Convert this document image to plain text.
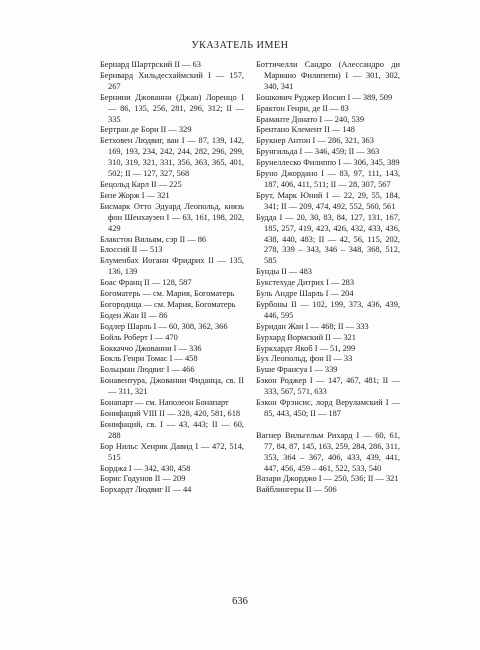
УКАЗАТЕЛЬ ИМЕН

Бернард Шартрский II — 63

Бернвард Хильдесхаймский I — 157, 267

Бернини Джованни (Джан) Лоренцо I — 86, 135, 256, 281, 296, 312; II — 335

Бертран де Борн II — 329

Бетховен Людвиг, ван I — 87, 139, 142, 169, 193, 234, 242, 244, 282, 296, 299, 310, 319, 321, 331, 356, 363, 365, 401, 502; II — 127, 327, 568

Бецольд Карл II — 225

Бизе Жорж I — 321

Бисмарк Отто Эдуард Леопольд, князь фон Шенхаузен I — 63, 161, 198, 202, 429

Блакстон Вильям, сэр II — 86

Блоссий II — 513

Блуменбах Иоганн Фридрих II — 135, 136, 139

Боас Франц II — 128, 587

Богоматерь — см. Мария, Богоматерь

Богородица — см. Мария, Богоматерь

Боден Жан II — 86

Бодлер Шарль I — 60, 308, 362, 366

Бойль Роберт I — 470

Боккаччо Джованни I — 336

Бокль Генри Томас I — 458

Больцман Людвиг I — 466

Бонавентура, Джованни Фиданца, св. II — 311, 321

Бонапарт — см. Наполеон Бонапарт

Бонифаций VIII II — 328, 420, 581, 618

Бонифаций, св. I — 43, 443; II — 60, 288

Бор Нильс Хенрик Давид I — 472, 514, 515

Борджа I — 342, 430, 458

Борис Годунов II — 209

Борхардт Людвиг II — 44

Боттичелли Сандро (Алессандро ди Мариано Филипепи) I — 301, 302, 340, 341

Бошкович Руджер Иосип I — 389, 509

Брактон Генри, де II — 83

Браманте Донато I — 240, 539

Брентано Клемент II — 148

Брукнер Антон I — 286, 321, 363

Брунгильда I — 346, 459; II — 363

Брунеллеско Филиппо I — 306, 345, 389

Бруно Джордано I — 83, 97, 111, 143, 187, 406, 411, 511; II — 28, 307, 567

Брут, Марк Юний I — 22, 29, 55, 184, 341; II — 209, 474, 492, 552, 560, 561

Будда I — 20, 30, 83, 84, 127, 131, 167, 185, 257, 419, 423, 426, 432, 433, 436, 438, 440, 483; II — 42, 56, 115, 202, 278, 339 – 343, 346 – 348, 368, 512, 585

Бунды II — 483

Букстехуде Дитрих I — 283

Буль Андре Шарль I — 204

Бурбоны II — 102, 199, 373, 436, 439, 446, 595

Буридан Жан I — 468; II — 333

Бурхард Вормский II — 321

Буркхардт Якоб I — 51, 299

Бух Леопольд, фон II — 33

Буше Франсуа I — 339

Бэкон Роджер I — 147, 467, 481; II — 333, 567, 571, 633

Бэкон Фрэнсис, лорд Веруламский I — 85, 443, 450; II — 187

Вагнер Вильгельм Рихард I — 60, 61, 77, 84, 87, 145, 163, 259, 284, 286, 311, 353, 364 – 367, 406, 433, 439, 441, 447, 456, 459 – 461, 522, 533, 540

Вазари Джорджо I — 250, 536; II — 321

Вайблингеры II — 506

636
